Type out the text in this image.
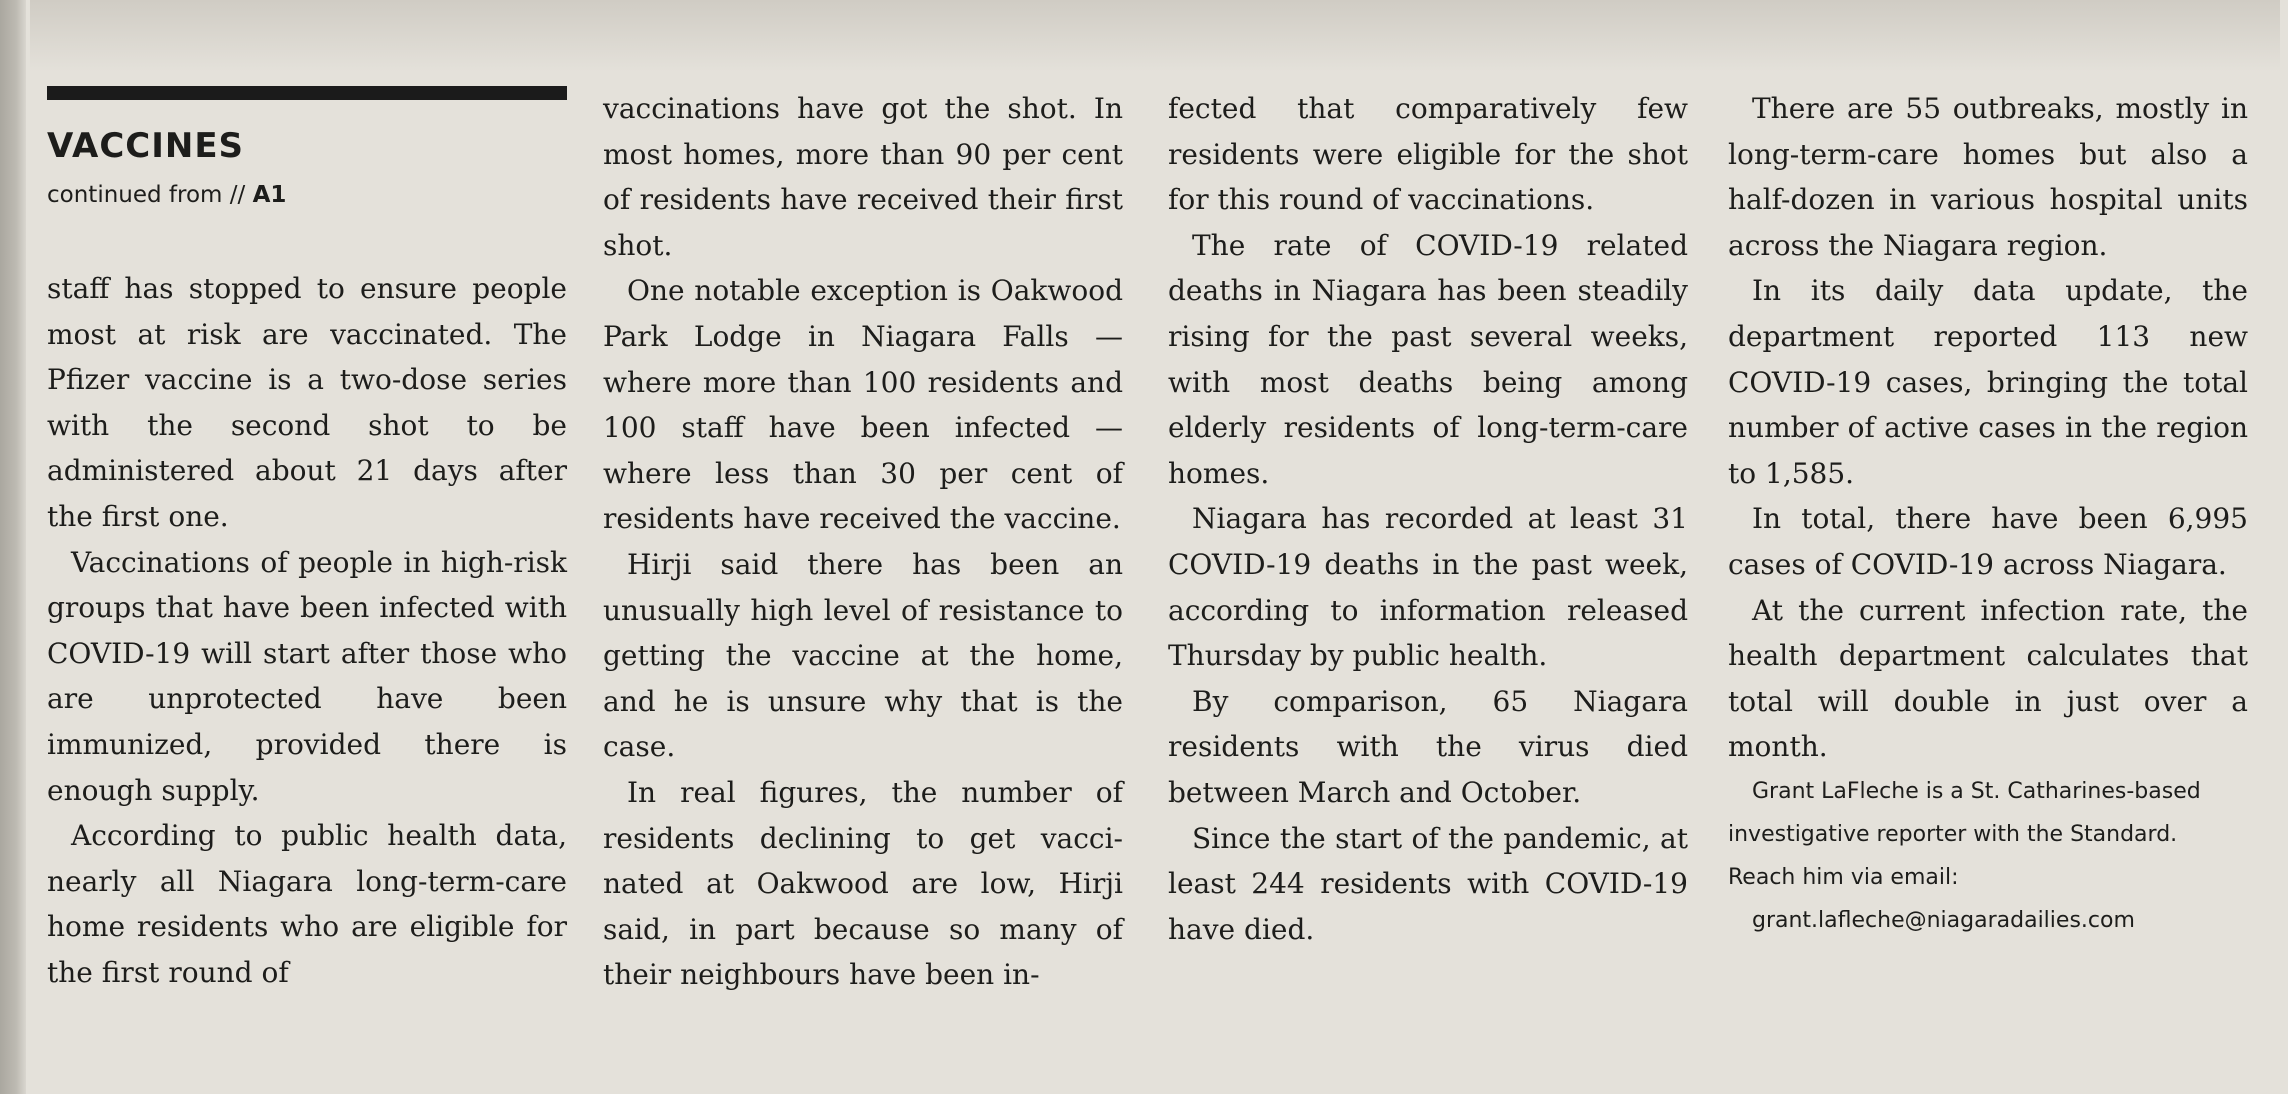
VACCINES
continued from // A1

staff has stopped to ensure people most at risk are vaccinated. The Pfizer vaccine is a two-dose series with the second shot to be administered about 21 days after the first one.

Vaccinations of people in high-risk groups that have been infected with COVID-19 will start after those who are unprotected have been immunized, provided there is enough supply.

According to public health data, nearly all Niagara long-term-care home residents who are eligible for the first round of

vaccinations have got the shot. In most homes, more than 90 per cent of residents have received their first shot.

One notable exception is Oakwood Park Lodge in Niagara Falls — where more than 100 residents and 100 staff have been infected — where less than 30 per cent of residents have received the vaccine.

Hirji said there has been an unusually high level of resistance to getting the vaccine at the home, and he is unsure why that is the case.

In real figures, the number of residents declining to get vaccinated at Oakwood are low, Hirji said, in part because so many of their neighbours have been in-

fected that comparatively few residents were eligible for the shot for this round of vaccinations.

The rate of COVID-19 related deaths in Niagara has been steadily rising for the past several weeks, with most deaths being among elderly residents of long-term-care homes.

Niagara has recorded at least 31 COVID-19 deaths in the past week, according to information released Thursday by public health.

By comparison, 65 Niagara residents with the virus died between March and October.

Since the start of the pandemic, at least 244 residents with COVID-19 have died.

There are 55 outbreaks, mostly in long-term-care homes but also a half-dozen in various hospital units across the Niagara region.

In its daily data update, the department reported 113 new COVID-19 cases, bringing the total number of active cases in the region to 1,585.

In total, there have been 6,995 cases of COVID-19 across Niagara.

At the current infection rate, the health department calculates that total will double in just over a month.

Grant LaFleche is a St. Catharines-based investigative reporter with the Standard. Reach him via email:
grant.lafleche@niagaradailies.com
